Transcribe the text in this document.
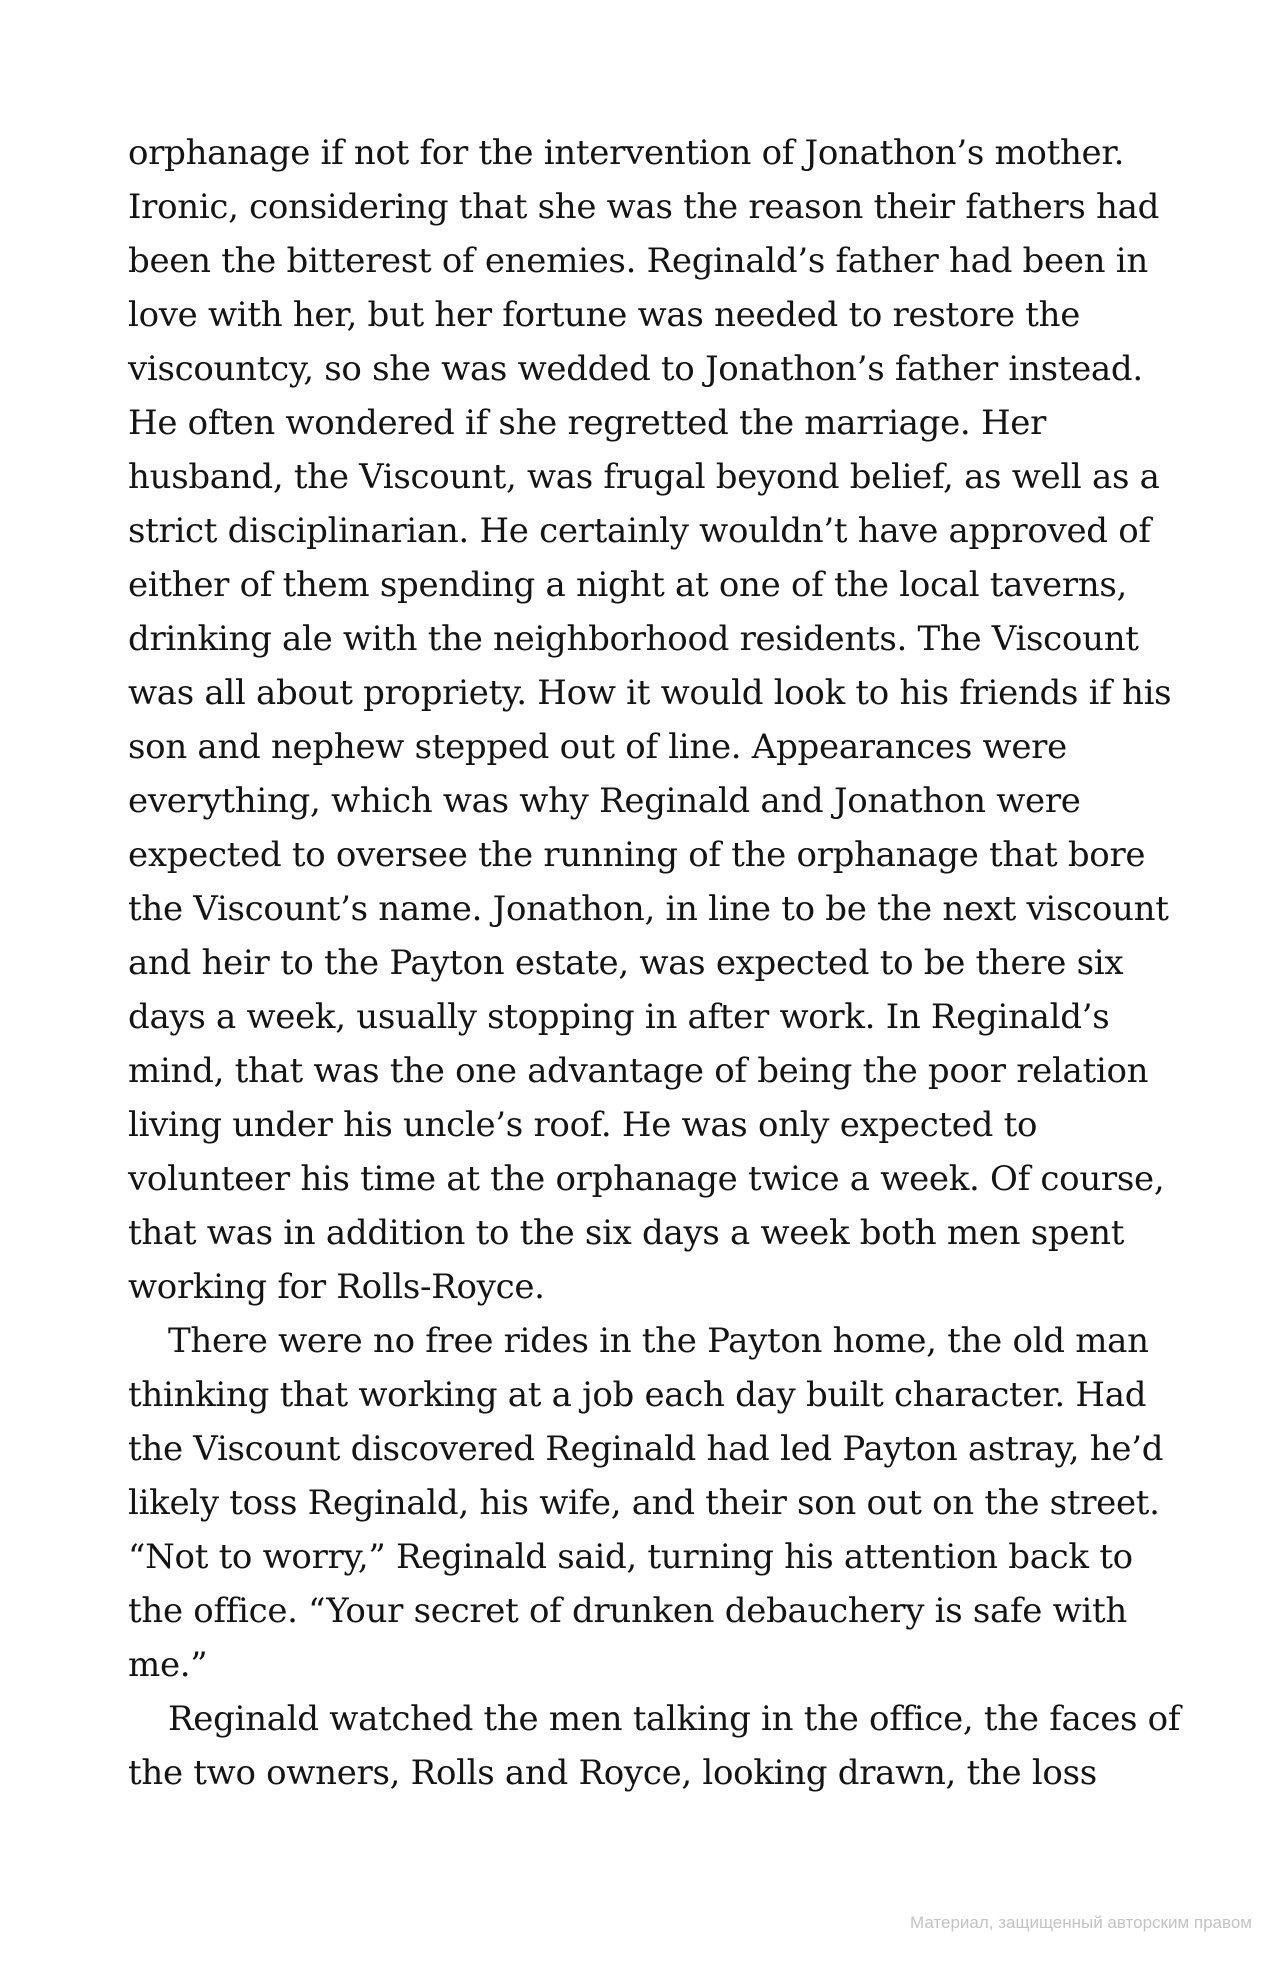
orphanage if not for the intervention of Jonathon’s mother.
Ironic, considering that she was the reason their fathers had
been the bitterest of enemies. Reginald’s father had been in
love with her, but her fortune was needed to restore the
viscountcy, so she was wedded to Jonathon’s father instead.
He often wondered if she regretted the marriage. Her
husband, the Viscount, was frugal beyond belief, as well as a
strict disciplinarian. He certainly wouldn’t have approved of
either of them spending a night at one of the local taverns,
drinking ale with the neighborhood residents. The Viscount
was all about propriety. How it would look to his friends if his
son and nephew stepped out of line. Appearances were
everything, which was why Reginald and Jonathon were
expected to oversee the running of the orphanage that bore
the Viscount’s name. Jonathon, in line to be the next viscount
and heir to the Payton estate, was expected to be there six
days a week, usually stopping in after work. In Reginald’s
mind, that was the one advantage of being the poor relation
living under his uncle’s roof. He was only expected to
volunteer his time at the orphanage twice a week. Of course,
that was in addition to the six days a week both men spent
working for Rolls-Royce.
There were no free rides in the Payton home, the old man
thinking that working at a job each day built character. Had
the Viscount discovered Reginald had led Payton astray, he’d
likely toss Reginald, his wife, and their son out on the street.
“Not to worry,” Reginald said, turning his attention back to
the office. “Your secret of drunken debauchery is safe with
me.”
Reginald watched the men talking in the office, the faces of
the two owners, Rolls and Royce, looking drawn, the loss
Материал, защищенный авторским правом
